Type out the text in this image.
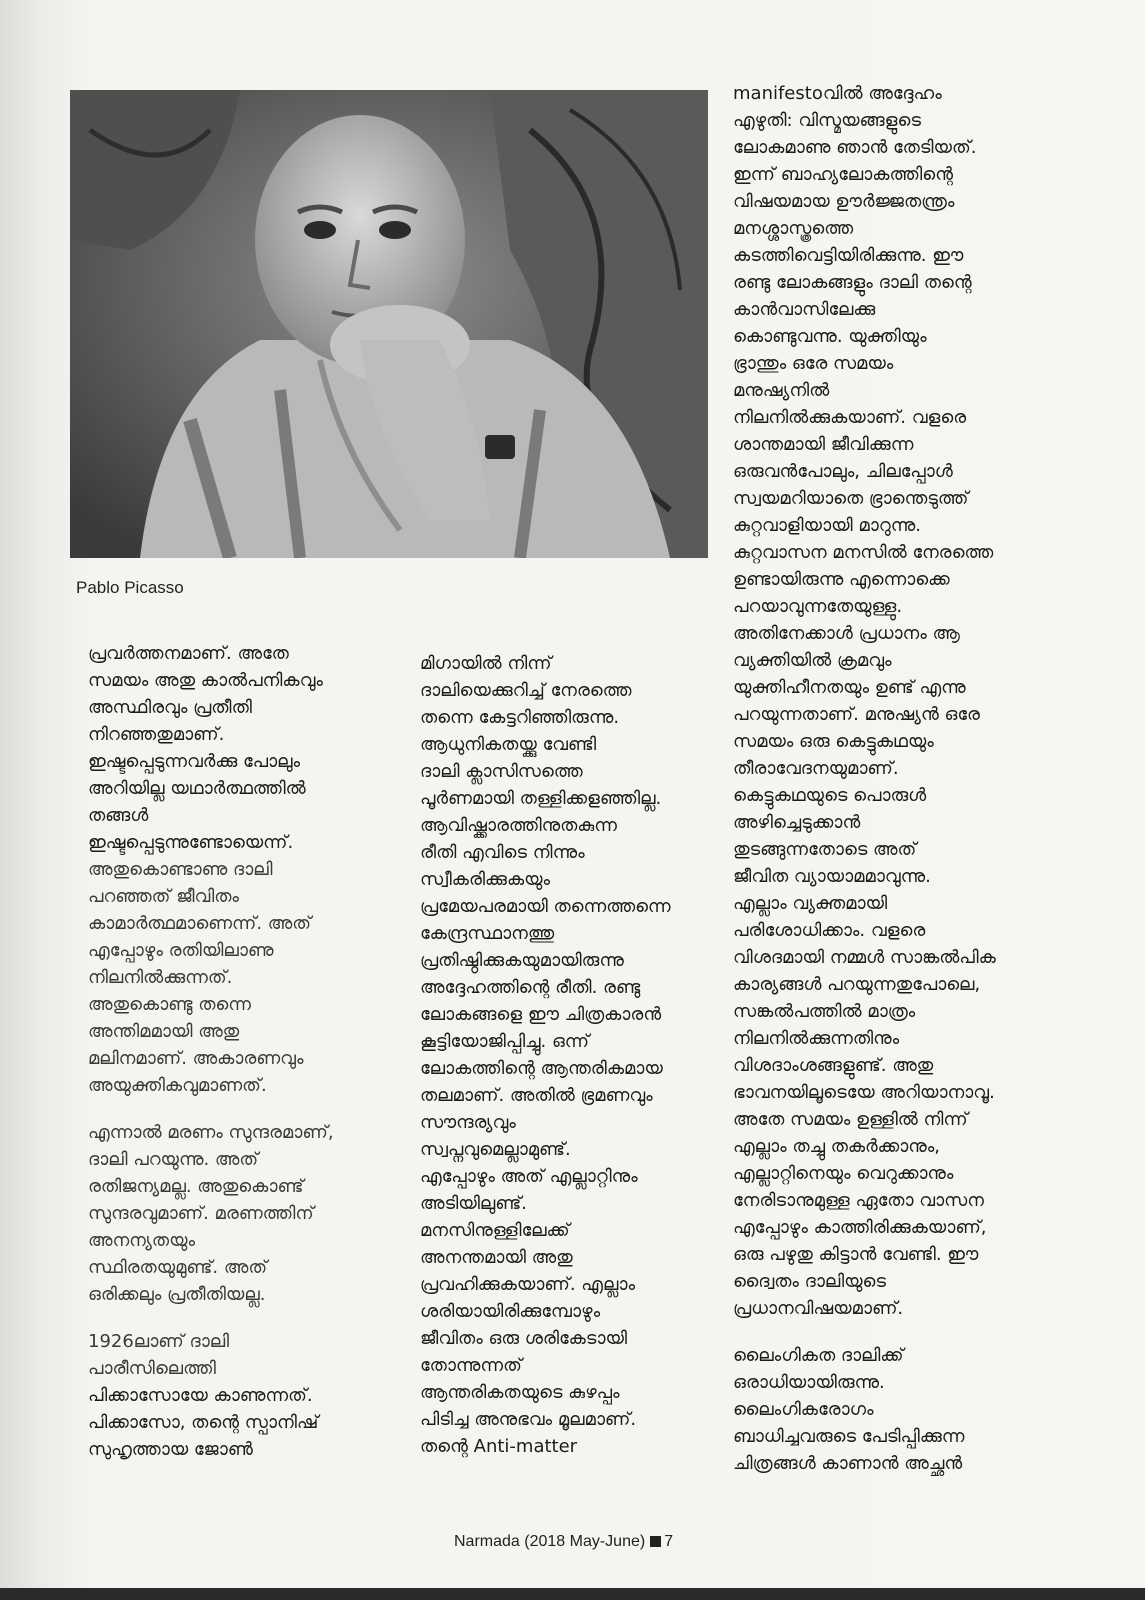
Pablo Picasso

പ്രവർത്തനമാണ്. അതേ
സമയം അതു കാൽപനികവും
അസ്ഥിരവും പ്രതീതി
നിറഞ്ഞതുമാണ്.
ഇഷ്ടപ്പെടുന്നവർക്കു പോലും
അറിയില്ല യഥാർത്ഥത്തിൽ
തങ്ങൾ
ഇഷ്ടപ്പെടുന്നുണ്ടോയെന്ന്.
അതുകൊണ്ടാണു ദാലി
പറഞ്ഞത് ജീവിതം
കാമാർത്ഥമാണെന്ന്. അത്
എപ്പോഴും രതിയിലാണു
നിലനിൽക്കുന്നത്.
അതുകൊണ്ടു തന്നെ
അന്തിമമായി അതു
മലിനമാണ്. അകാരണവും
അയുക്തികവുമാണത്.

എന്നാൽ മരണം സുന്ദരമാണ്,
ദാലി പറയുന്നു. അത്
രതിജന്യമല്ല. അതുകൊണ്ട്
സുന്ദരവുമാണ്. മരണത്തിന്
അനന്യതയും
സ്ഥിരതയുമുണ്ട്. അത്
ഒരിക്കലും പ്രതീതിയല്ല.

1926ലാണ് ദാലി
പാരീസിലെത്തി
പിക്കാസോയേ കാണുന്നത്.
പിക്കാസോ, തന്റെ സ്പാനിഷ്
സുഹൃത്തായ ജോൺ

മിഗായിൽ നിന്ന്
ദാലിയെക്കുറിച്ച് നേരത്തെ
തന്നെ കേട്ടറിഞ്ഞിരുന്നു.
ആധുനികതയ്ക്കു വേണ്ടി
ദാലി ക്ലാസിസത്തെ
പൂർണമായി തള്ളിക്കളഞ്ഞില്ല.
ആവിഷ്ക്കാരത്തിനുതകുന്ന
രീതി എവിടെ നിന്നും
സ്വീകരിക്കുകയും
പ്രമേയപരമായി തന്നെത്തന്നെ
കേന്ദ്രസ്ഥാനത്തു
പ്രതിഷ്ഠിക്കുകയുമായിരുന്നു
അദ്ദേഹത്തിന്റെ രീതി. രണ്ടു
ലോകങ്ങളെ ഈ ചിത്രകാരൻ
കൂട്ടിയോജിപ്പിച്ചു. ഒന്ന്
ലോകത്തിന്റെ ആന്തരികമായ
തലമാണ്. അതിൽ ഭ്രമണവും
സൗന്ദര്യവും
സ്വപ്നവുമെല്ലാമുണ്ട്.
എപ്പോഴും അത് എല്ലാറ്റിനും
അടിയിലുണ്ട്.
മനസിനുള്ളിലേക്ക്
അനന്തമായി അതു
പ്രവഹിക്കുകയാണ്. എല്ലാം
ശരിയായിരിക്കുമ്പോഴും
ജീവിതം ഒരു ശരികേടായി
തോന്നുന്നത്
ആന്തരികതയുടെ കുഴപ്പം
പിടിച്ച അനുഭവം മൂലമാണ്.
തന്റെ Anti-matter

manifestoവിൽ അദ്ദേഹം
എഴുതി: വിസ്മയങ്ങളുടെ
ലോകമാണു ഞാൻ തേടിയത്.
ഇന്ന് ബാഹ്യലോകത്തിന്റെ
വിഷയമായ ഊർജ്ജതന്ത്രം
മനശ്ശാസ്ത്രത്തെ
കടത്തിവെട്ടിയിരിക്കുന്നു. ഈ
രണ്ടു ലോകങ്ങളും ദാലി തന്റെ
കാൻവാസിലേക്കു
കൊണ്ടുവന്നു. യുക്തിയും
ഭ്രാന്തും ഒരേ സമയം
മനുഷ്യനിൽ
നിലനിൽക്കുകയാണ്. വളരെ
ശാന്തമായി ജീവിക്കുന്ന
ഒരുവൻപോലും, ചിലപ്പോൾ
സ്വയമറിയാതെ ഭ്രാന്തെടുത്ത്
കുറ്റവാളിയായി മാറുന്നു.
കുറ്റവാസന മനസിൽ നേരത്തെ
ഉണ്ടായിരുന്നു എന്നൊക്കെ
പറയാവുന്നതേയുള്ളു.
അതിനേക്കാൾ പ്രധാനം ആ
വ്യക്തിയിൽ ക്രമവും
യുക്തിഹീനതയും ഉണ്ട് എന്നു
പറയുന്നതാണ്. മനുഷ്യൻ ഒരേ
സമയം ഒരു കെട്ടുകഥയും
തീരാവേദനയുമാണ്.
കെട്ടുകഥയുടെ പൊരുൾ
അഴിച്ചെടുക്കാൻ
തുടങ്ങുന്നതോടെ അത്
ജീവിത വ്യായാമമാവുന്നു.
എല്ലാം വ്യക്തമായി
പരിശോധിക്കാം. വളരെ
വിശദമായി നമ്മൾ സാങ്കൽപിക
കാര്യങ്ങൾ പറയുന്നതുപോലെ,
സങ്കൽപത്തിൽ മാത്രം
നിലനിൽക്കുന്നതിനും
വിശദാംശങ്ങളുണ്ട്. അതു
ഭാവനയിലൂടെയേ അറിയാനാവൂ.
അതേ സമയം ഉള്ളിൽ നിന്ന്
എല്ലാം തച്ചു തകർക്കാനും,
എല്ലാറ്റിനെയും വെറുക്കാനും
നേരിടാനുമുള്ള ഏതോ വാസന
എപ്പോഴും കാത്തിരിക്കുകയാണ്,
ഒരു പഴുതു കിട്ടാൻ വേണ്ടി. ഈ
ദ്വൈതം ദാലിയുടെ
പ്രധാനവിഷയമാണ്.

ലൈംഗികത ദാലിക്ക്
ഒരാധിയായിരുന്നു.
ലൈംഗികരോഗം
ബാധിച്ചവരുടെ പേടിപ്പിക്കുന്ന
ചിത്രങ്ങൾ കാണാൻ അച്ഛൻ

Narmada (2018 May-June) 7
